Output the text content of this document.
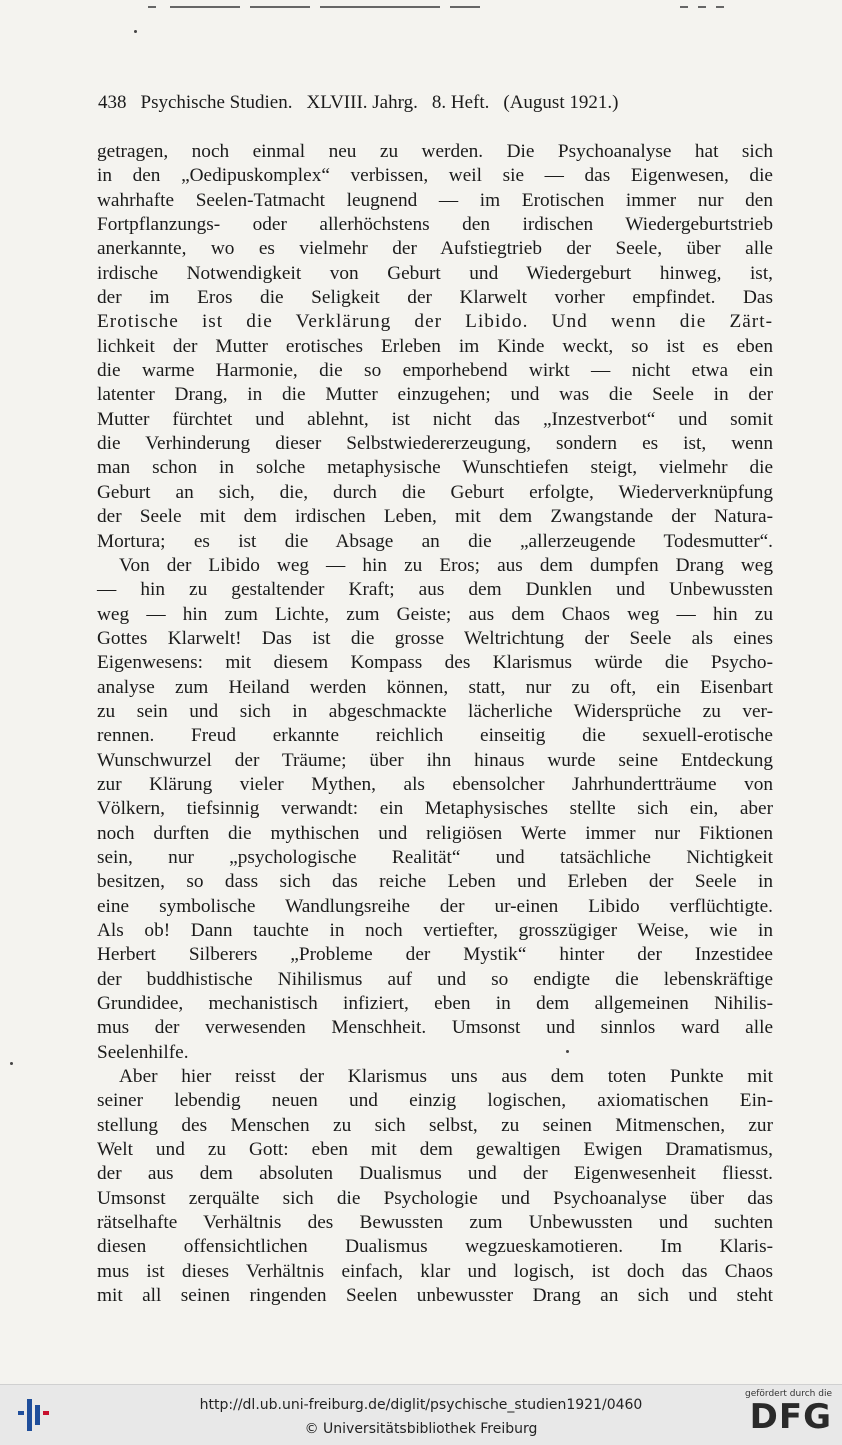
438 Psychische Studien. XLVIII. Jahrg. 8. Heft. (August 1921.)
getragen, noch einmal neu zu werden. Die Psychoanalyse hat sich
in den „Oedipuskomplex“ verbissen, weil sie — das Eigenwesen, die
wahrhafte Seelen-Tatmacht leugnend — im Erotischen immer nur den
Fortpflanzungs- oder allerhöchstens den irdischen Wiedergeburtstrieb
anerkannte, wo es vielmehr der Aufstiegtrieb der Seele, über alle
irdische Notwendigkeit von Geburt und Wiedergeburt hinweg, ist,
der im Eros die Seligkeit der Klarwelt vorher empfindet. Das
Erotische ist die Verklärung der Libido. Und wenn die Zärt-
lichkeit der Mutter erotisches Erleben im Kinde weckt, so ist es eben
die warme Harmonie, die so emporhebend wirkt — nicht etwa ein
latenter Drang, in die Mutter einzugehen; und was die Seele in der
Mutter fürchtet und ablehnt, ist nicht das „Inzestverbot“ und somit
die Verhinderung dieser Selbstwiedererzeugung, sondern es ist, wenn
man schon in solche metaphysische Wunschtiefen steigt, vielmehr die
Geburt an sich, die, durch die Geburt erfolgte, Wiederverknüpfung
der Seele mit dem irdischen Leben, mit dem Zwangstande der Natura-
Mortura; es ist die Absage an die „allerzeugende Todesmutter“.
Von der Libido weg — hin zu Eros; aus dem dumpfen Drang weg
— hin zu gestaltender Kraft; aus dem Dunklen und Unbewussten
weg — hin zum Lichte, zum Geiste; aus dem Chaos weg — hin zu
Gottes Klarwelt! Das ist die grosse Weltrichtung der Seele als eines
Eigenwesens: mit diesem Kompass des Klarismus würde die Psycho-
analyse zum Heiland werden können, statt, nur zu oft, ein Eisenbart
zu sein und sich in abgeschmackte lächerliche Widersprüche zu ver-
rennen. Freud erkannte reichlich einseitig die sexuell-erotische
Wunschwurzel der Träume; über ihn hinaus wurde seine Entdeckung
zur Klärung vieler Mythen, als ebensolcher Jahrhundertträume von
Völkern, tiefsinnig verwandt: ein Metaphysisches stellte sich ein, aber
noch durften die mythischen und religiösen Werte immer nur Fiktionen
sein, nur „psychologische Realität“ und tatsächliche Nichtigkeit
besitzen, so dass sich das reiche Leben und Erleben der Seele in
eine symbolische Wandlungsreihe der ur-einen Libido verflüchtigte.
Als ob! Dann tauchte in noch vertiefter, grosszügiger Weise, wie in
Herbert Silberers „Probleme der Mystik“ hinter der Inzestidee
der buddhistische Nihilismus auf und so endigte die lebenskräftige
Grundidee, mechanistisch infiziert, eben in dem allgemeinen Nihilis-
mus der verwesenden Menschheit. Umsonst und sinnlos ward alle
Seelenhilfe.
Aber hier reisst der Klarismus uns aus dem toten Punkte mit
seiner lebendig neuen und einzig logischen, axiomatischen Ein-
stellung des Menschen zu sich selbst, zu seinen Mitmenschen, zur
Welt und zu Gott: eben mit dem gewaltigen Ewigen Dramatismus,
der aus dem absoluten Dualismus und der Eigenwesenheit fliesst.
Umsonst zerquälte sich die Psychologie und Psychoanalyse über das
rätselhafte Verhältnis des Bewussten zum Unbewussten und suchten
diesen offensichtlichen Dualismus wegzueskamotieren. Im Klaris-
mus ist dieses Verhältnis einfach, klar und logisch, ist doch das Chaos
mit all seinen ringenden Seelen unbewusster Drang an sich und steht
http://dl.ub.uni-freiburg.de/diglit/psychische_studien1921/0460
© Universitätsbibliothek Freiburg
gefördert durch die
DFG
